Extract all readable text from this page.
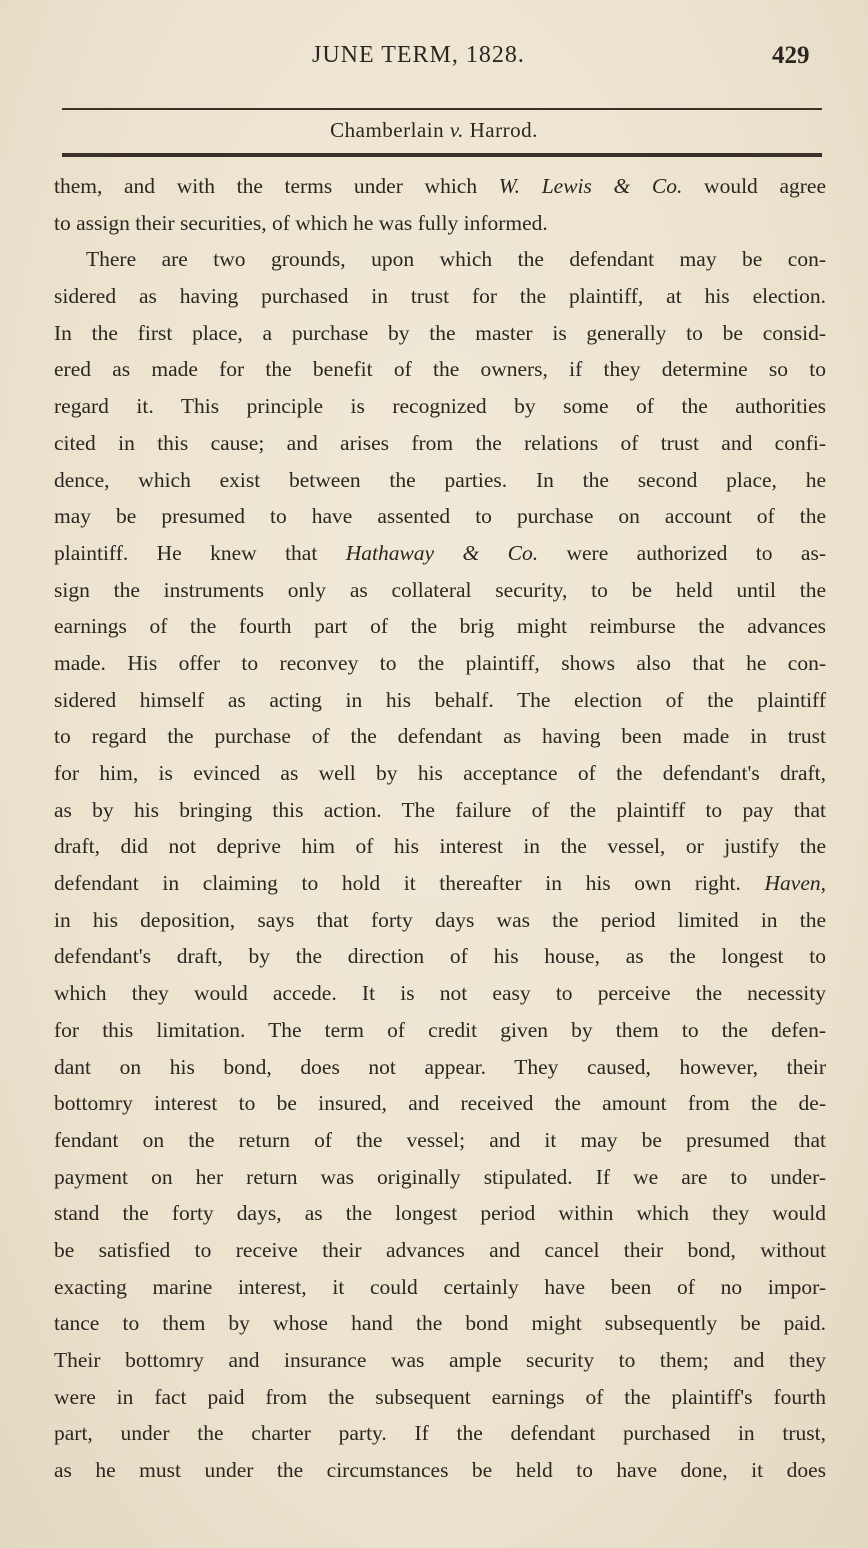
JUNE TERM, 1828.	429
Chamberlain v. Harrod.
them, and with the terms under which W. Lewis & Co. would agree
to assign their securities, of which he was fully informed.
There are two grounds, upon which the defendant may be con-
sidered as having purchased in trust for the plaintiff, at his election.
In the first place, a purchase by the master is generally to be consid-
ered as made for the benefit of the owners, if they determine so to
regard it. This principle is recognized by some of the authorities
cited in this cause; and arises from the relations of trust and confi-
dence, which exist between the parties. In the second place, he
may be presumed to have assented to purchase on account of the
plaintiff. He knew that Hathaway & Co. were authorized to as-
sign the instruments only as collateral security, to be held until the
earnings of the fourth part of the brig might reimburse the advances
made. His offer to reconvey to the plaintiff, shows also that he con-
sidered himself as acting in his behalf. The election of the plaintiff
to regard the purchase of the defendant as having been made in trust
for him, is evinced as well by his acceptance of the defendant's draft,
as by his bringing this action. The failure of the plaintiff to pay that
draft, did not deprive him of his interest in the vessel, or justify the
defendant in claiming to hold it thereafter in his own right. Haven,
in his deposition, says that forty days was the period limited in the
defendant's draft, by the direction of his house, as the longest to
which they would accede. It is not easy to perceive the necessity
for this limitation. The term of credit given by them to the defen-
dant on his bond, does not appear. They caused, however, their
bottomry interest to be insured, and received the amount from the de-
fendant on the return of the vessel; and it may be presumed that
payment on her return was originally stipulated. If we are to under-
stand the forty days, as the longest period within which they would
be satisfied to receive their advances and cancel their bond, without
exacting marine interest, it could certainly have been of no impor-
tance to them by whose hand the bond might subsequently be paid.
Their bottomry and insurance was ample security to them; and they
were in fact paid from the subsequent earnings of the plaintiff's fourth
part, under the charter party. If the defendant purchased in trust,
as he must under the circumstances be held to have done, it does
